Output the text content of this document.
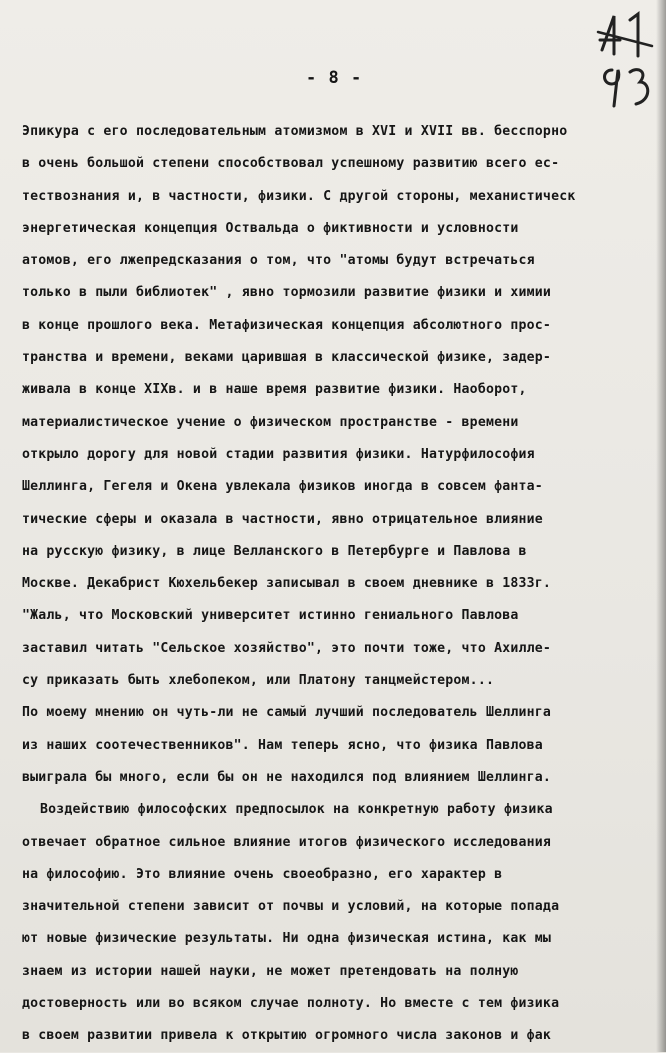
- 8 -
Эпикура с его последовательным атомизмом в XVI и XVII вв. бесспорно
в очень большой степени способствовал успешному развитию всего ес-
тествознания и, в частности, физики. С другой стороны, механистическ
энергетическая концепция Оствальда о фиктивности и условности
атомов, его лжепредсказания о том, что "атомы будут встречаться
только в пыли библиотек" , явно тормозили развитие физики и химии
в конце прошлого века. Метафизическая концепция абсолютного прос-
транства и времени, веками царившая в классической физике, задер-
живала в конце XIXв. и в наше время развитие физики. Наоборот,
материалистическое учение о физическом пространстве - времени
открыло дорогу для новой стадии развития физики. Натурфилософия
Шеллинга, Гегеля и Окена увлекала физиков иногда в совсем фанта-
тические сферы и оказала в частности, явно отрицательное влияние
на русскую физику, в лице Велланского в Петербурге и Павлова в
Москве. Декабрист Кюхельбекер записывал в своем дневнике в 1833г.
"Жаль, что Московский университет истинно гениального Павлова
заставил читать "Сельское хозяйство", это почти тоже, что Ахилле-
су приказать быть хлебопеком, или Платону танцмейстером...
По моему мнению он чуть-ли не самый лучший последователь Шеллинга
из наших соотечественников". Нам теперь ясно, что физика Павлова
выиграла бы много, если бы он не находился под влиянием Шеллинга.
Воздействию философских предпосылок на конкретную работу физика
отвечает обратное сильное влияние итогов физического исследования
на философию. Это влияние очень своеобразно, его характер в
значительной степени зависит от почвы и условий, на которые попада
ют новые физические результаты. Ни одна физическая истина, как мы
знаем из истории нашей науки, не может претендовать на полную
достоверность или во всяком случае полноту. Но вместе с тем физика
в своем развитии привела к открытию огромного числа законов и фак
